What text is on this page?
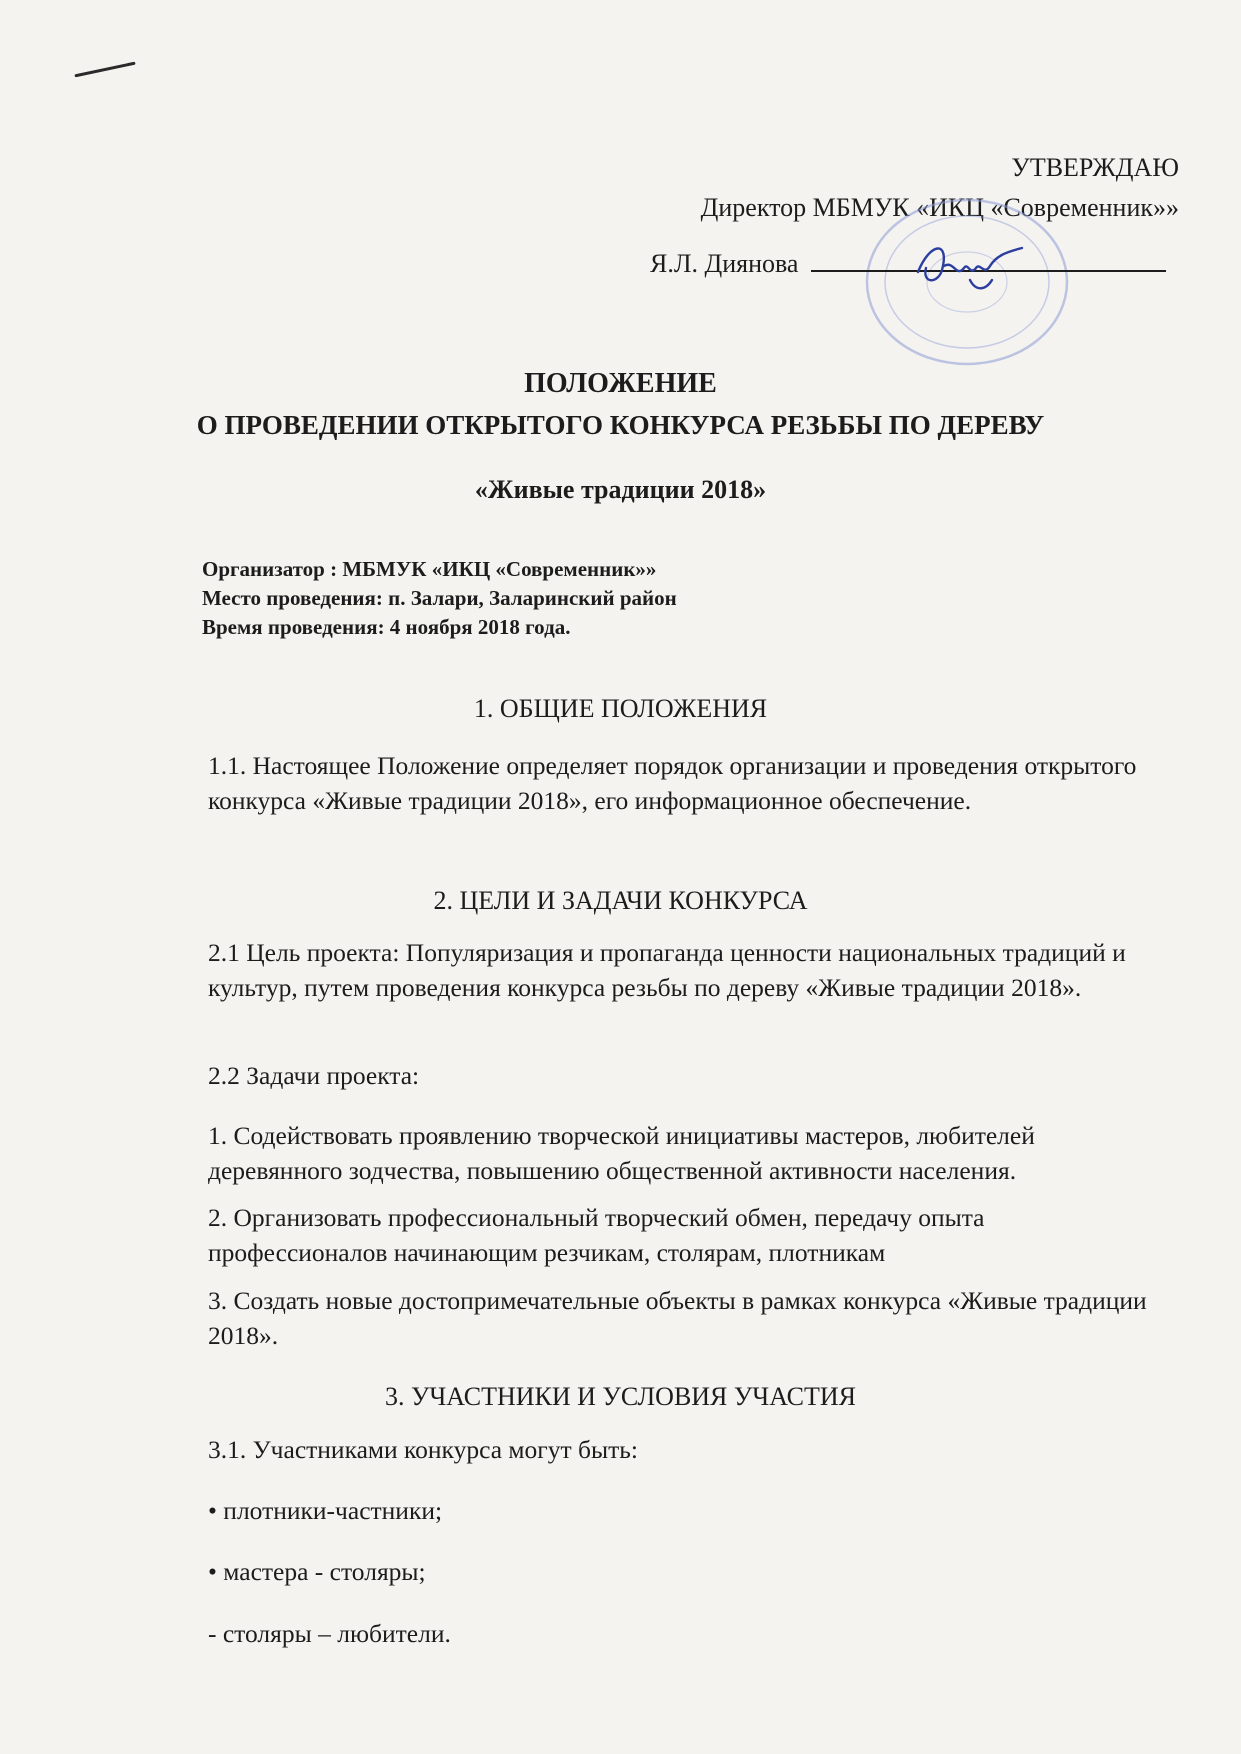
УТВЕРЖДАЮ
Директор МБМУК «ИКЦ «Современник»»
Я.Л. Диянова
ПОЛОЖЕНИЕ
О ПРОВЕДЕНИИ ОТКРЫТОГО КОНКУРСА РЕЗЬБЫ ПО ДЕРЕВУ
«Живые традиции 2018»
Организатор : МБМУК «ИКЦ «Современник»»
Место проведения: п. Залари, Заларинский район
Время проведения: 4 ноября 2018 года.
1. ОБЩИЕ ПОЛОЖЕНИЯ
1.1. Настоящее Положение определяет порядок организации и проведения открытого конкурса «Живые традиции 2018», его информационное обеспечение.
2. ЦЕЛИ И ЗАДАЧИ КОНКУРСА
2.1 Цель проекта: Популяризация и пропаганда ценности национальных традиций и культур, путем проведения конкурса резьбы по дереву «Живые традиции 2018».
2.2 Задачи проекта:
1. Содействовать проявлению творческой инициативы мастеров, любителей деревянного зодчества, повышению общественной активности населения.
2. Организовать профессиональный творческий обмен, передачу опыта профессионалов начинающим резчикам, столярам, плотникам
3. Создать новые достопримечательные объекты в рамках конкурса «Живые традиции 2018».
3. УЧАСТНИКИ И УСЛОВИЯ УЧАСТИЯ
3.1. Участниками конкурса могут быть:
• плотники-частники;
• мастера - столяры;
- столяры – любители.
